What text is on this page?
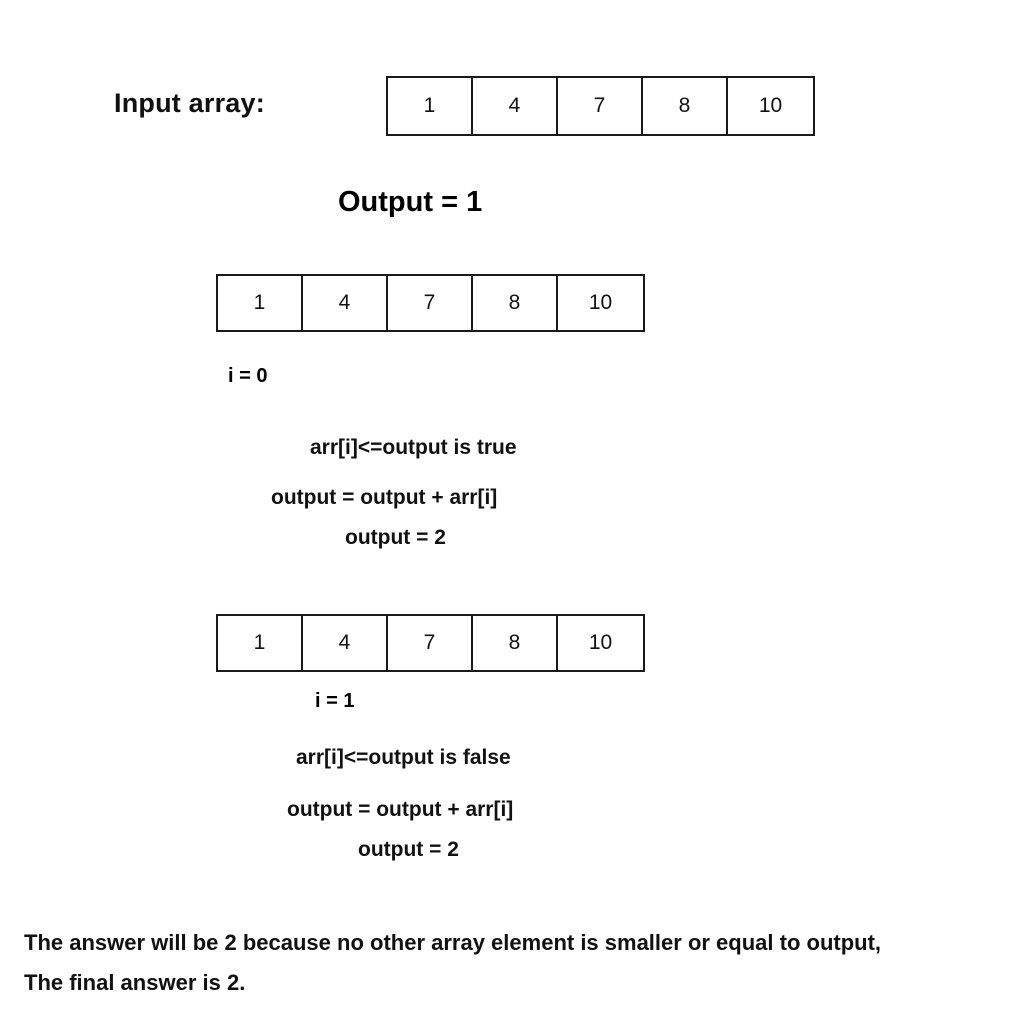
Input array:	1	4	7	8	10
Output = 1
1	4	7	8	10
i = 0
arr[i]<=output is true
output = output + arr[i]
output = 2
1	4	7	8	10
i = 1
arr[i]<=output is false
output = output + arr[i]
output = 2
The answer will be 2 because no other array element is smaller or equal to output,
The final answer is 2.
